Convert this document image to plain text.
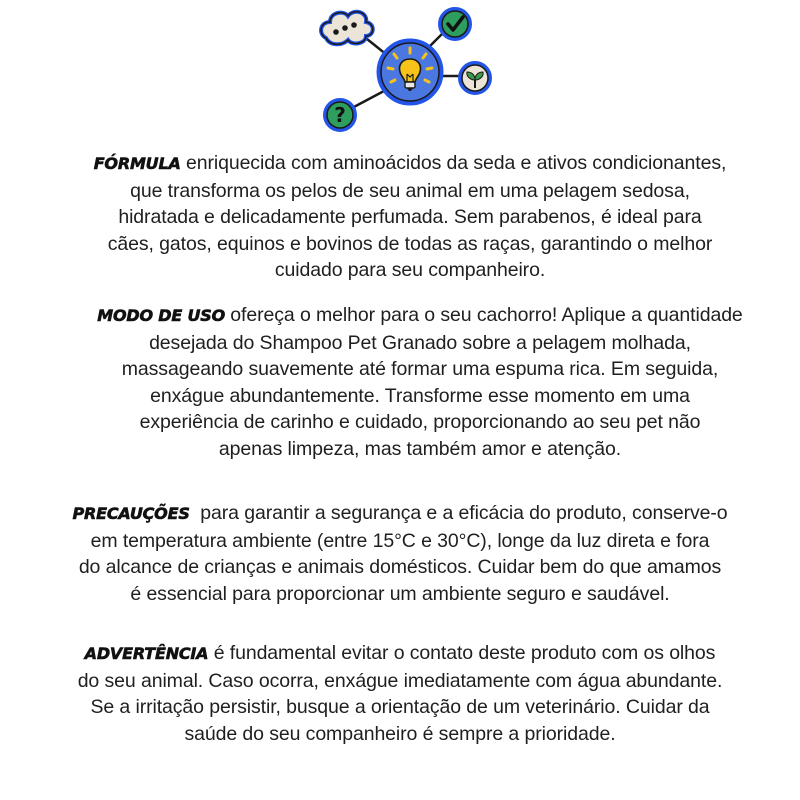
?
FÓRMULA enriquecida com aminoácidos da seda e ativos condicionantes,
que transforma os pelos de seu animal em uma pelagem sedosa,
hidratada e delicadamente perfumada. Sem parabenos, é ideal para
cães, gatos, equinos e bovinos de todas as raças, garantindo o melhor
cuidado para seu companheiro.
MODO DE USO ofereça o melhor para o seu cachorro! Aplique a quantidade
desejada do Shampoo Pet Granado sobre a pelagem molhada,
massageando suavemente até formar uma espuma rica. Em seguida,
enxágue abundantemente. Transforme esse momento em uma
experiência de carinho e cuidado, proporcionando ao seu pet não
apenas limpeza, mas também amor e atenção.
PRECAUÇÕES  para garantir a segurança e a eficácia do produto, conserve-o
em temperatura ambiente (entre 15°C e 30°C), longe da luz direta e fora
do alcance de crianças e animais domésticos. Cuidar bem do que amamos
é essencial para proporcionar um ambiente seguro e saudável.
ADVERTÊNCIA é fundamental evitar o contato deste produto com os olhos
do seu animal. Caso ocorra, enxágue imediatamente com água abundante.
Se a irritação persistir, busque a orientação de um veterinário. Cuidar da
saúde do seu companheiro é sempre a prioridade.
